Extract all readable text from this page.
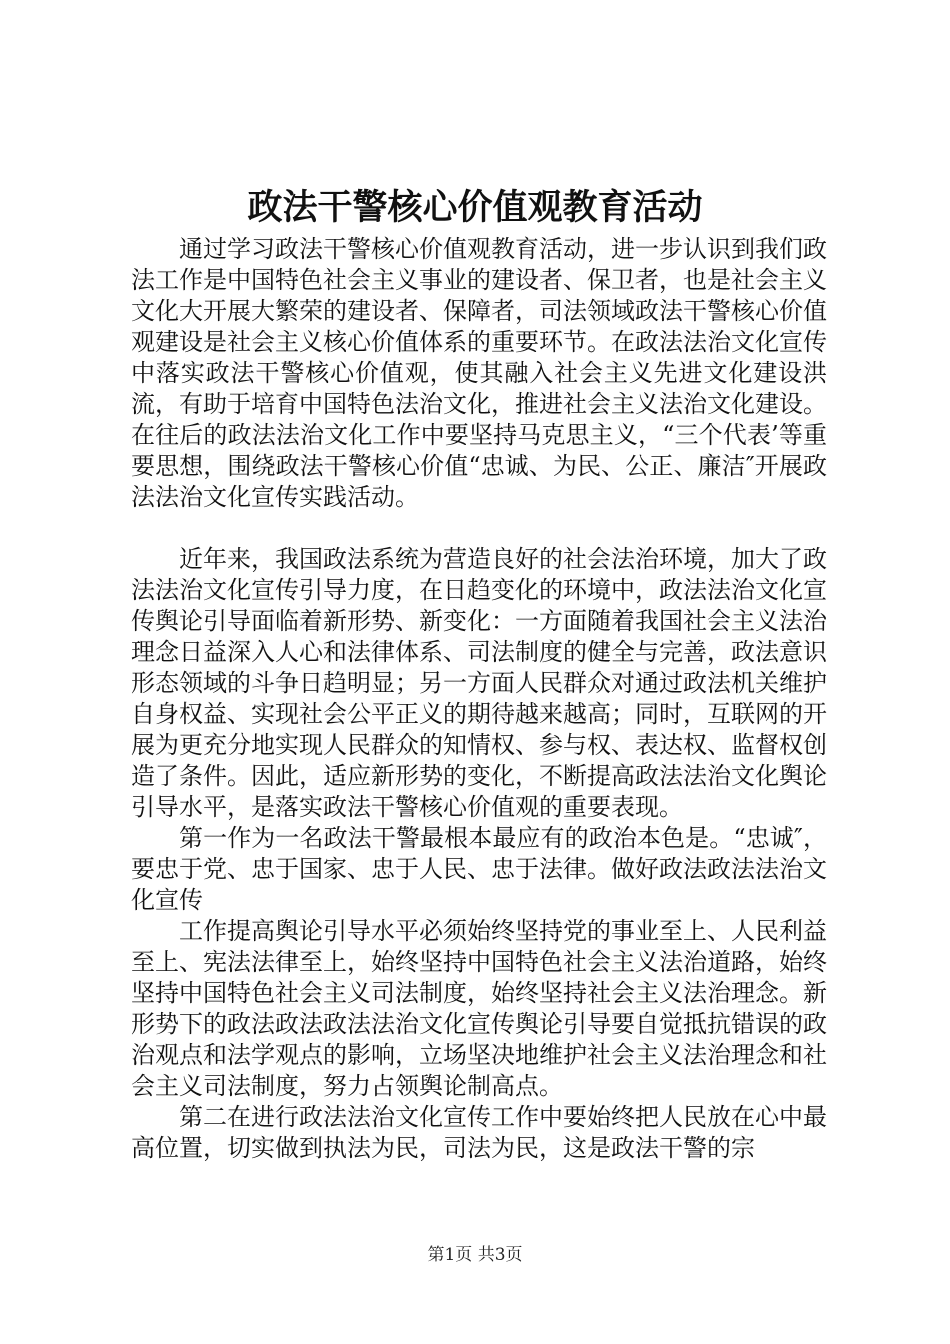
政法干警核心价值观教育活动

通过学习政法干警核心价值观教育活动，进一步认识到我们政法工作是中国特色社会主义事业的建设者、保卫者，也是社会主义文化大开展大繁荣的建设者、保障者，司法领域政法干警核心价值观建设是社会主义核心价值体系的重要环节。在政法法治文化宣传中落实政法干警核心价值观，使其融入社会主义先进文化建设洪流，有助于培育中国特色法治文化，推进社会主义法治文化建设。在往后的政法法治文化工作中要坚持马克思主义，“三个代表’等重要思想，围绕政法干警核心价值“忠诚、为民、公正、廉洁″开展政法法治文化宣传实践活动。

近年来，我国政法系统为营造良好的社会法治环境，加大了政法法治文化宣传引导力度，在日趋变化的环境中，政法法治文化宣传舆论引导面临着新形势、新变化：一方面随着我国社会主义法治理念日益深入人心和法律体系、司法制度的健全与完善，政法意识形态领域的斗争日趋明显；另一方面人民群众对通过政法机关维护自身权益、实现社会公平正义的期待越来越高；同时，互联网的开展为更充分地实现人民群众的知情权、参与权、表达权、监督权创造了条件。因此，适应新形势的变化，不断提高政法法治文化舆论引导水平，是落实政法干警核心价值观的重要表现。

第一作为一名政法干警最根本最应有的政治本色是。“忠诚″，要忠于党、忠于国家、忠于人民、忠于法律。做好政法政法法治文化宣传

工作提高舆论引导水平必须始终坚持党的事业至上、人民利益至上、宪法法律至上，始终坚持中国特色社会主义法治道路，始终坚持中国特色社会主义司法制度，始终坚持社会主义法治理念。新形势下的政法政法政法法治文化宣传舆论引导要自觉抵抗错误的政治观点和法学观点的影响，立场坚决地维护社会主义法治理念和社会主义司法制度，努力占领舆论制高点。

第二在进行政法法治文化宣传工作中要始终把人民放在心中最高位置，切实做到执法为民，司法为民，这是政法干警的宗

第1页 共3页
